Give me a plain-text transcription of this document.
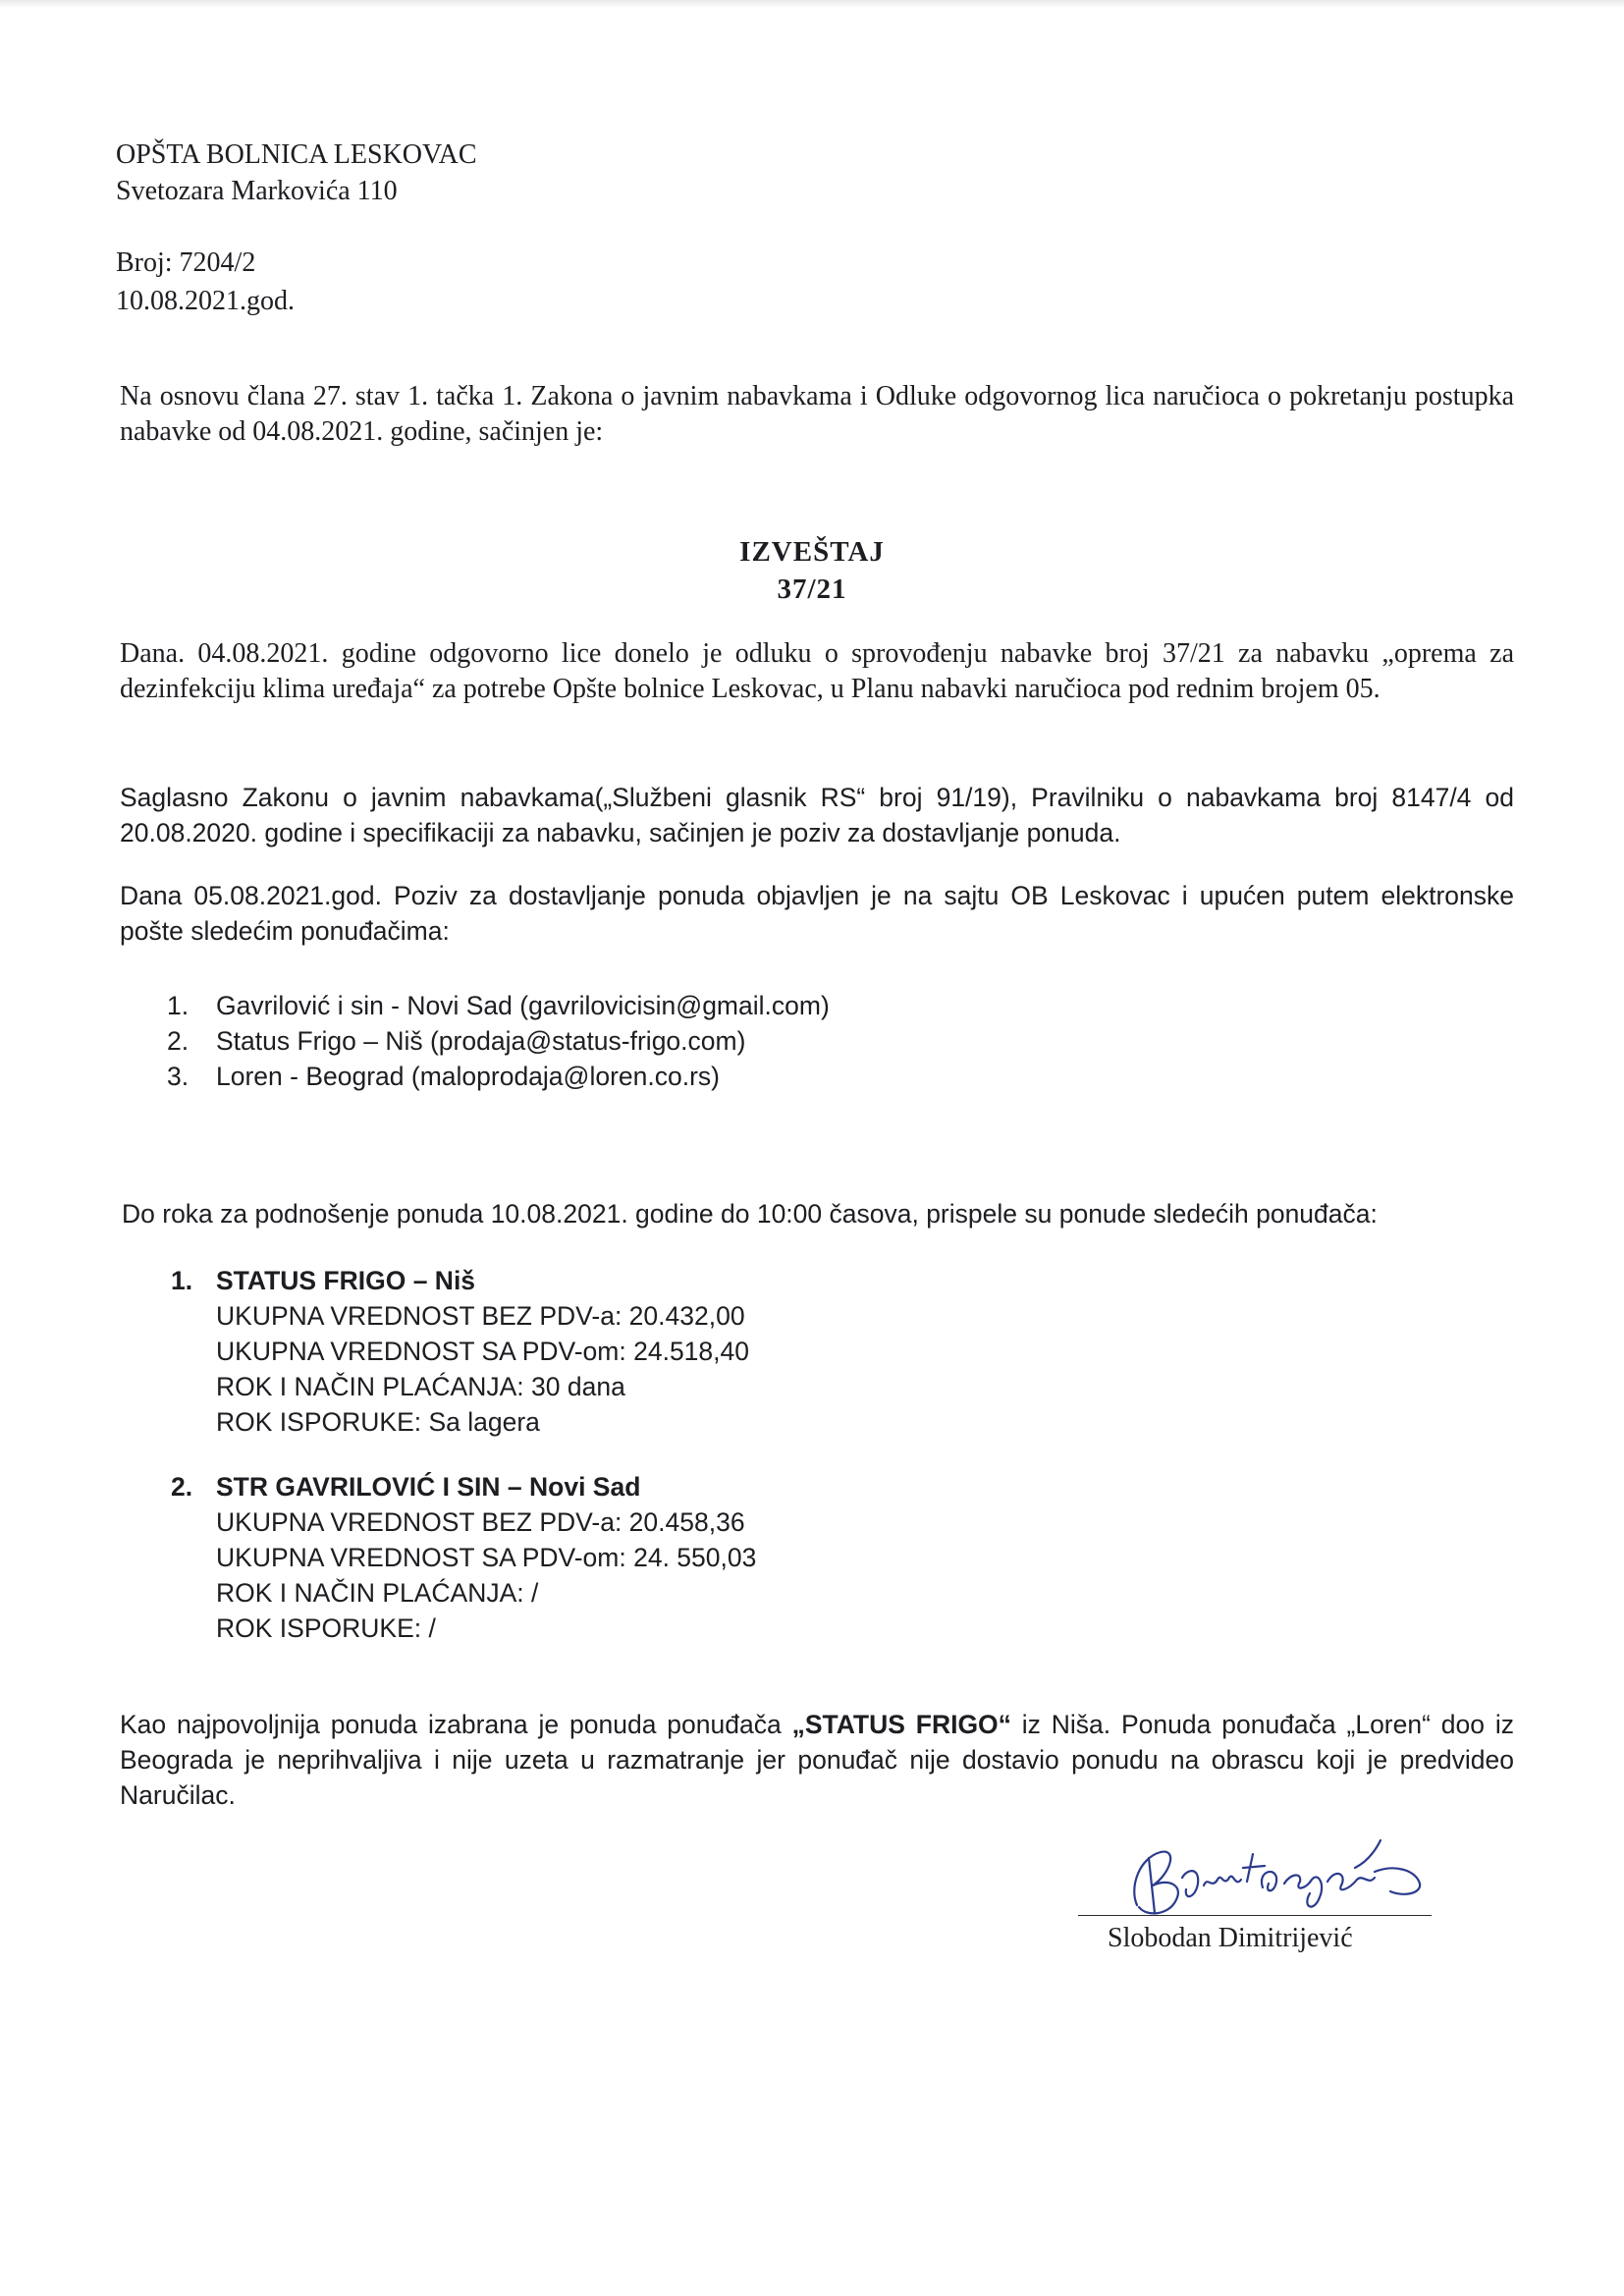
OPŠTA BOLNICA LESKOVAC
Svetozara Markovića 110
Broj: 7204/2
10.08.2021.god.
Na osnovu člana 27. stav 1. tačka 1. Zakona o javnim nabavkama i Odluke odgovornog lica naručioca o pokretanju postupka nabavke od 04.08.2021. godine, sačinjen je:
IZVEŠTAJ
37/21
Dana. 04.08.2021. godine odgovorno lice donelo je odluku o sprovođenju nabavke broj 37/21 za nabavku „oprema za dezinfekciju klima uređaja“ za potrebe Opšte bolnice Leskovac, u Planu nabavki naručioca pod rednim brojem 05.
Saglasno Zakonu o javnim nabavkama(„Službeni glasnik RS“ broj 91/19), Pravilniku o nabavkama broj 8147/4 od 20.08.2020. godine i specifikaciji za nabavku, sačinjen je poziv za dostavljanje ponuda.
Dana 05.08.2021.god. Poziv za dostavljanje ponuda objavljen je na sajtu OB Leskovac i upućen putem elektronske pošte sledećim ponuđačima:
1. Gavrilović i sin - Novi Sad (gavrilovicisin@gmail.com)
2. Status Frigo – Niš (prodaja@status-frigo.com)
3. Loren - Beograd (maloprodaja@loren.co.rs)
Do roka za podnošenje ponuda 10.08.2021. godine do 10:00 časova, prispele su ponude sledećih ponuđača:
1. STATUS FRIGO – Niš
UKUPNA VREDNOST BEZ PDV-a: 20.432,00
UKUPNA VREDNOST SA PDV-om: 24.518,40
ROK I NAČIN PLAĆANJA: 30 dana
ROK ISPORUKE: Sa lagera
2. STR GAVRILOVIĆ I SIN – Novi Sad
UKUPNA VREDNOST BEZ PDV-a: 20.458,36
UKUPNA VREDNOST SA PDV-om: 24. 550,03
ROK I NAČIN PLAĆANJA: /
ROK ISPORUKE: /
Kao najpovoljnija ponuda izabrana je ponuda ponuđača „STATUS FRIGO“ iz Niša. Ponuda ponuđača „Loren“ doo iz Beograda je neprihvaljiva i nije uzeta u razmatranje jer ponuđač nije dostavio ponudu na obrascu koji je predvideo Naručilac.
Slobodan Dimitrijević
